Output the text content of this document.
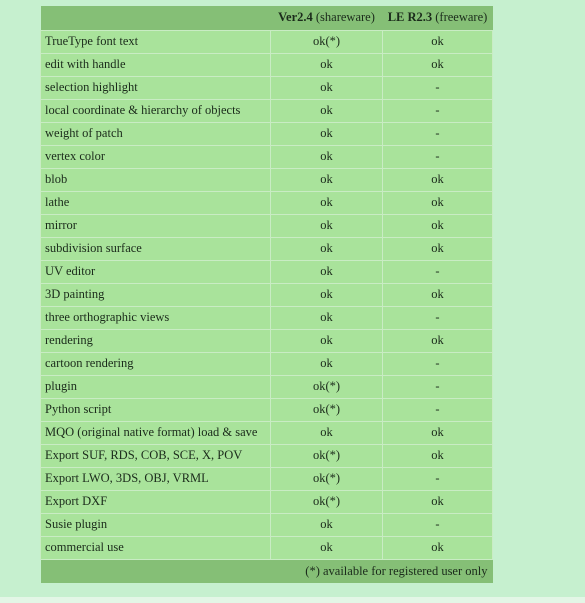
	Ver2.4 (shareware)	LE R2.3 (freeware)
TrueType font text	ok(*)	ok
edit with handle	ok	ok
selection highlight	ok	-
local coordinate & hierarchy of objects	ok	-
weight of patch	ok	-
vertex color	ok	-
blob	ok	ok
lathe	ok	ok
mirror	ok	ok
subdivision surface	ok	ok
UV editor	ok	-
3D painting	ok	ok
three orthographic views	ok	-
rendering	ok	ok
cartoon rendering	ok	-
plugin	ok(*)	-
Python script	ok(*)	-
MQO (original native format) load & save	ok	ok
Export SUF, RDS, COB, SCE, X, POV	ok(*)	ok
Export LWO, 3DS, OBJ, VRML	ok(*)	-
Export DXF	ok(*)	ok
Susie plugin	ok	-
commercial use	ok	ok
(*) available for registered user only		
